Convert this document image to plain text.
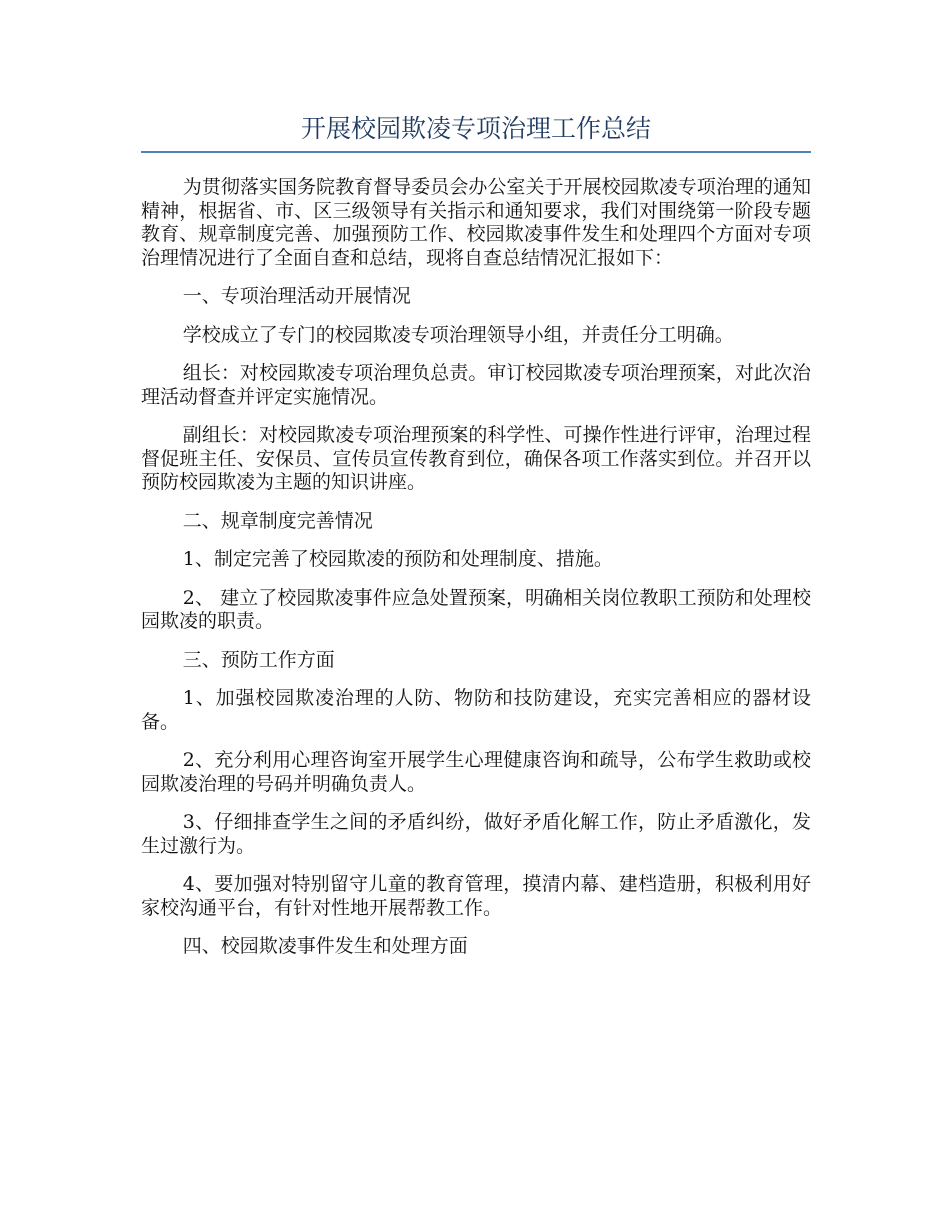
开展校园欺凌专项治理工作总结

为贯彻落实国务院教育督导委员会办公室关于开展校园欺凌专项治理的通知精神，根据省、市、区三级领导有关指示和通知要求，我们对围绕第一阶段专题教育、规章制度完善、加强预防工作、校园欺凌事件发生和处理四个方面对专项治理情况进行了全面自查和总结，现将自查总结情况汇报如下：

一、专项治理活动开展情况

学校成立了专门的校园欺凌专项治理领导小组，并责任分工明确。

组长：对校园欺凌专项治理负总责。审订校园欺凌专项治理预案，对此次治理活动督查并评定实施情况。

副组长：对校园欺凌专项治理预案的科学性、可操作性进行评审，治理过程督促班主任、安保员、宣传员宣传教育到位，确保各项工作落实到位。并召开以预防校园欺凌为主题的知识讲座。

二、规章制度完善情况

1、制定完善了校园欺凌的预防和处理制度、措施。

2、 建立了校园欺凌事件应急处置预案，明确相关岗位教职工预防和处理校园欺凌的职责。

三、预防工作方面

1、加强校园欺凌治理的人防、物防和技防建设，充实完善相应的器材设备。

2、充分利用心理咨询室开展学生心理健康咨询和疏导，公布学生救助或校园欺凌治理的号码并明确负责人。

3、仔细排查学生之间的矛盾纠纷，做好矛盾化解工作，防止矛盾激化，发生过激行为。

4、要加强对特别留守儿童的教育管理，摸清内幕、建档造册，积极利用好家校沟通平台，有针对性地开展帮教工作。

四、校园欺凌事件发生和处理方面
